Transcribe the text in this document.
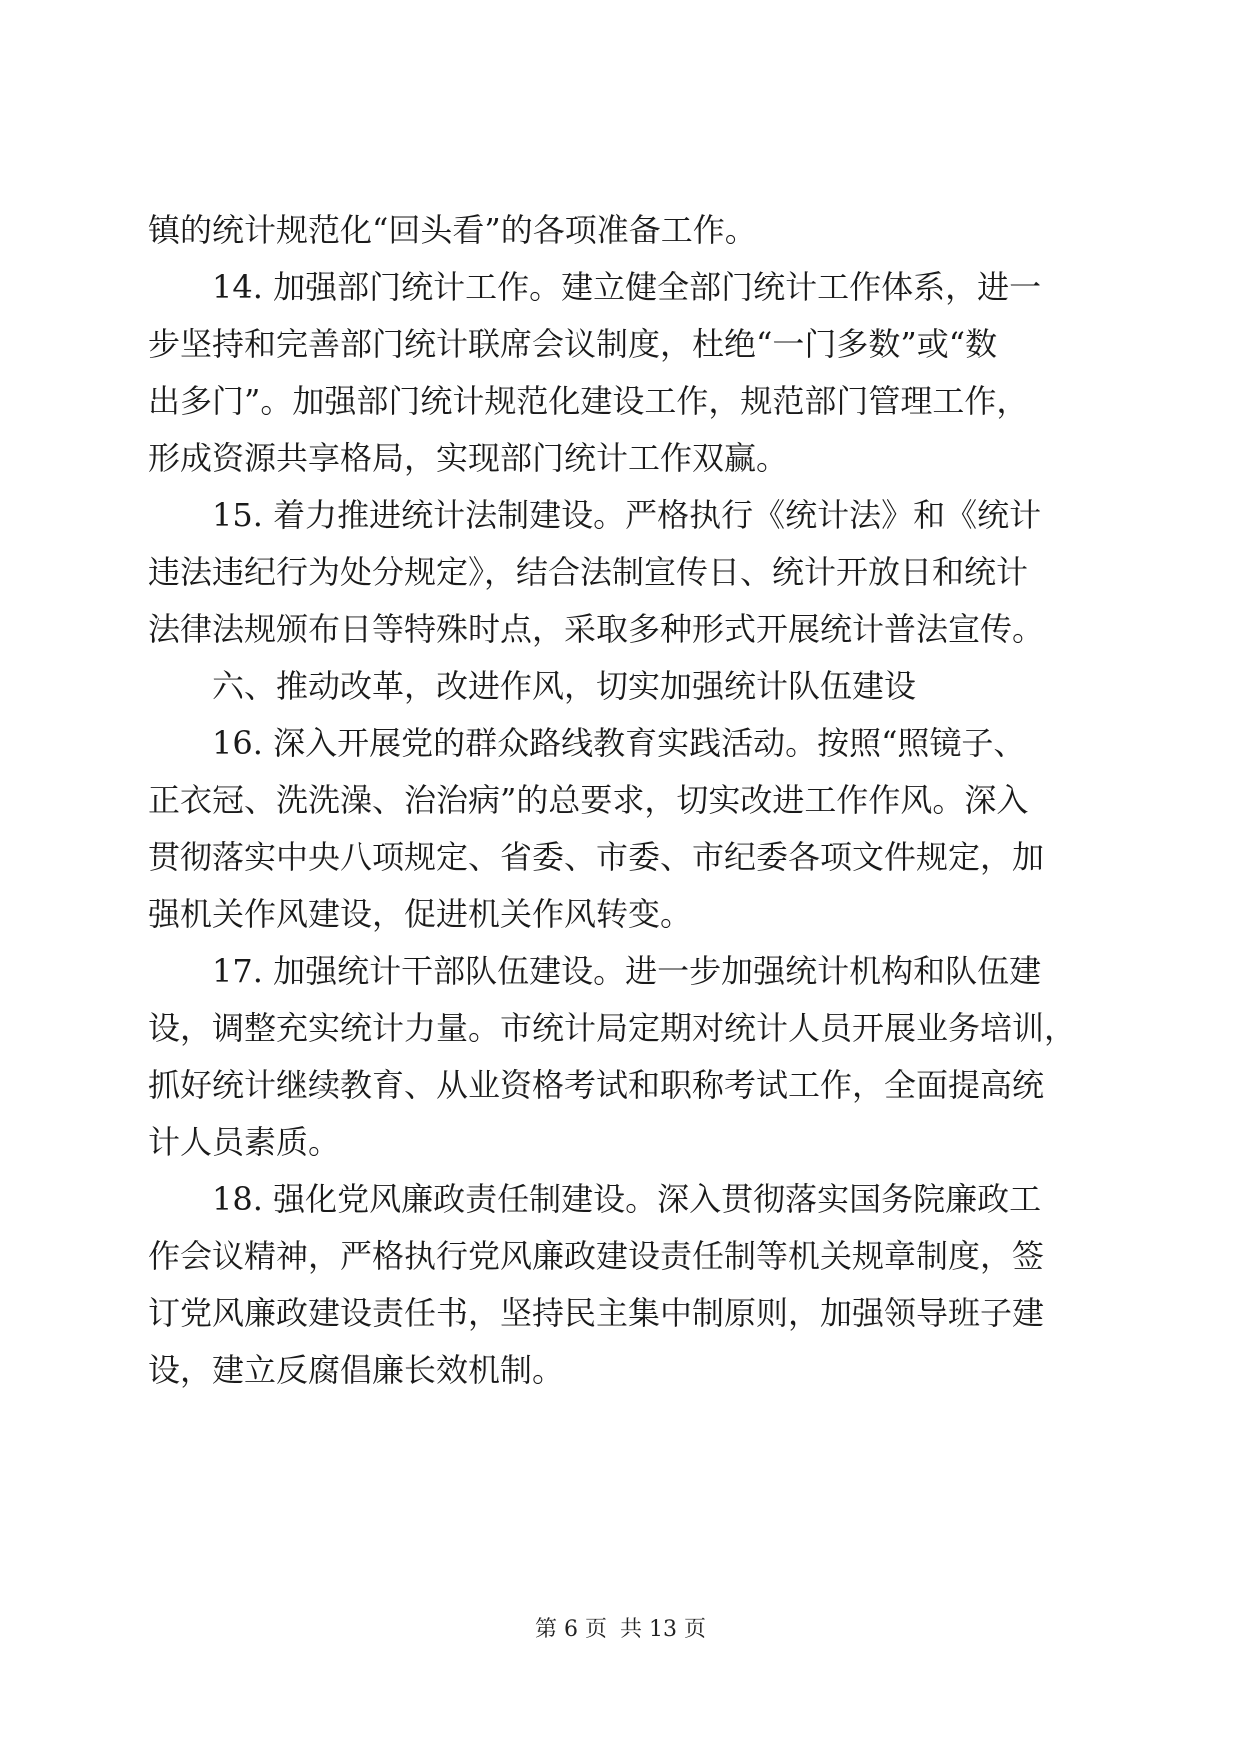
镇的统计规范化“回头看”的各项准备工作。
14. 加强部门统计工作。建立健全部门统计工作体系，进一
步坚持和完善部门统计联席会议制度，杜绝“一门多数”或“数
出多门”。加强部门统计规范化建设工作，规范部门管理工作，
形成资源共享格局，实现部门统计工作双赢。
15. 着力推进统计法制建设。严格执行《统计法》和《统计
违法违纪行为处分规定》，结合法制宣传日、统计开放日和统计
法律法规颁布日等特殊时点，采取多种形式开展统计普法宣传。
六、推动改革，改进作风，切实加强统计队伍建设
16. 深入开展党的群众路线教育实践活动。按照“照镜子、
正衣冠、洗洗澡、治治病”的总要求，切实改进工作作风。深入
贯彻落实中央八项规定、省委、市委、市纪委各项文件规定，加
强机关作风建设，促进机关作风转变。
17. 加强统计干部队伍建设。进一步加强统计机构和队伍建
设，调整充实统计力量。市统计局定期对统计人员开展业务培训，
抓好统计继续教育、从业资格考试和职称考试工作，全面提高统
计人员素质。
18. 强化党风廉政责任制建设。深入贯彻落实国务院廉政工
作会议精神，严格执行党风廉政建设责任制等机关规章制度，签
订党风廉政建设责任书，坚持民主集中制原则，加强领导班子建
设，建立反腐倡廉长效机制。
第 6 页 共 13 页
